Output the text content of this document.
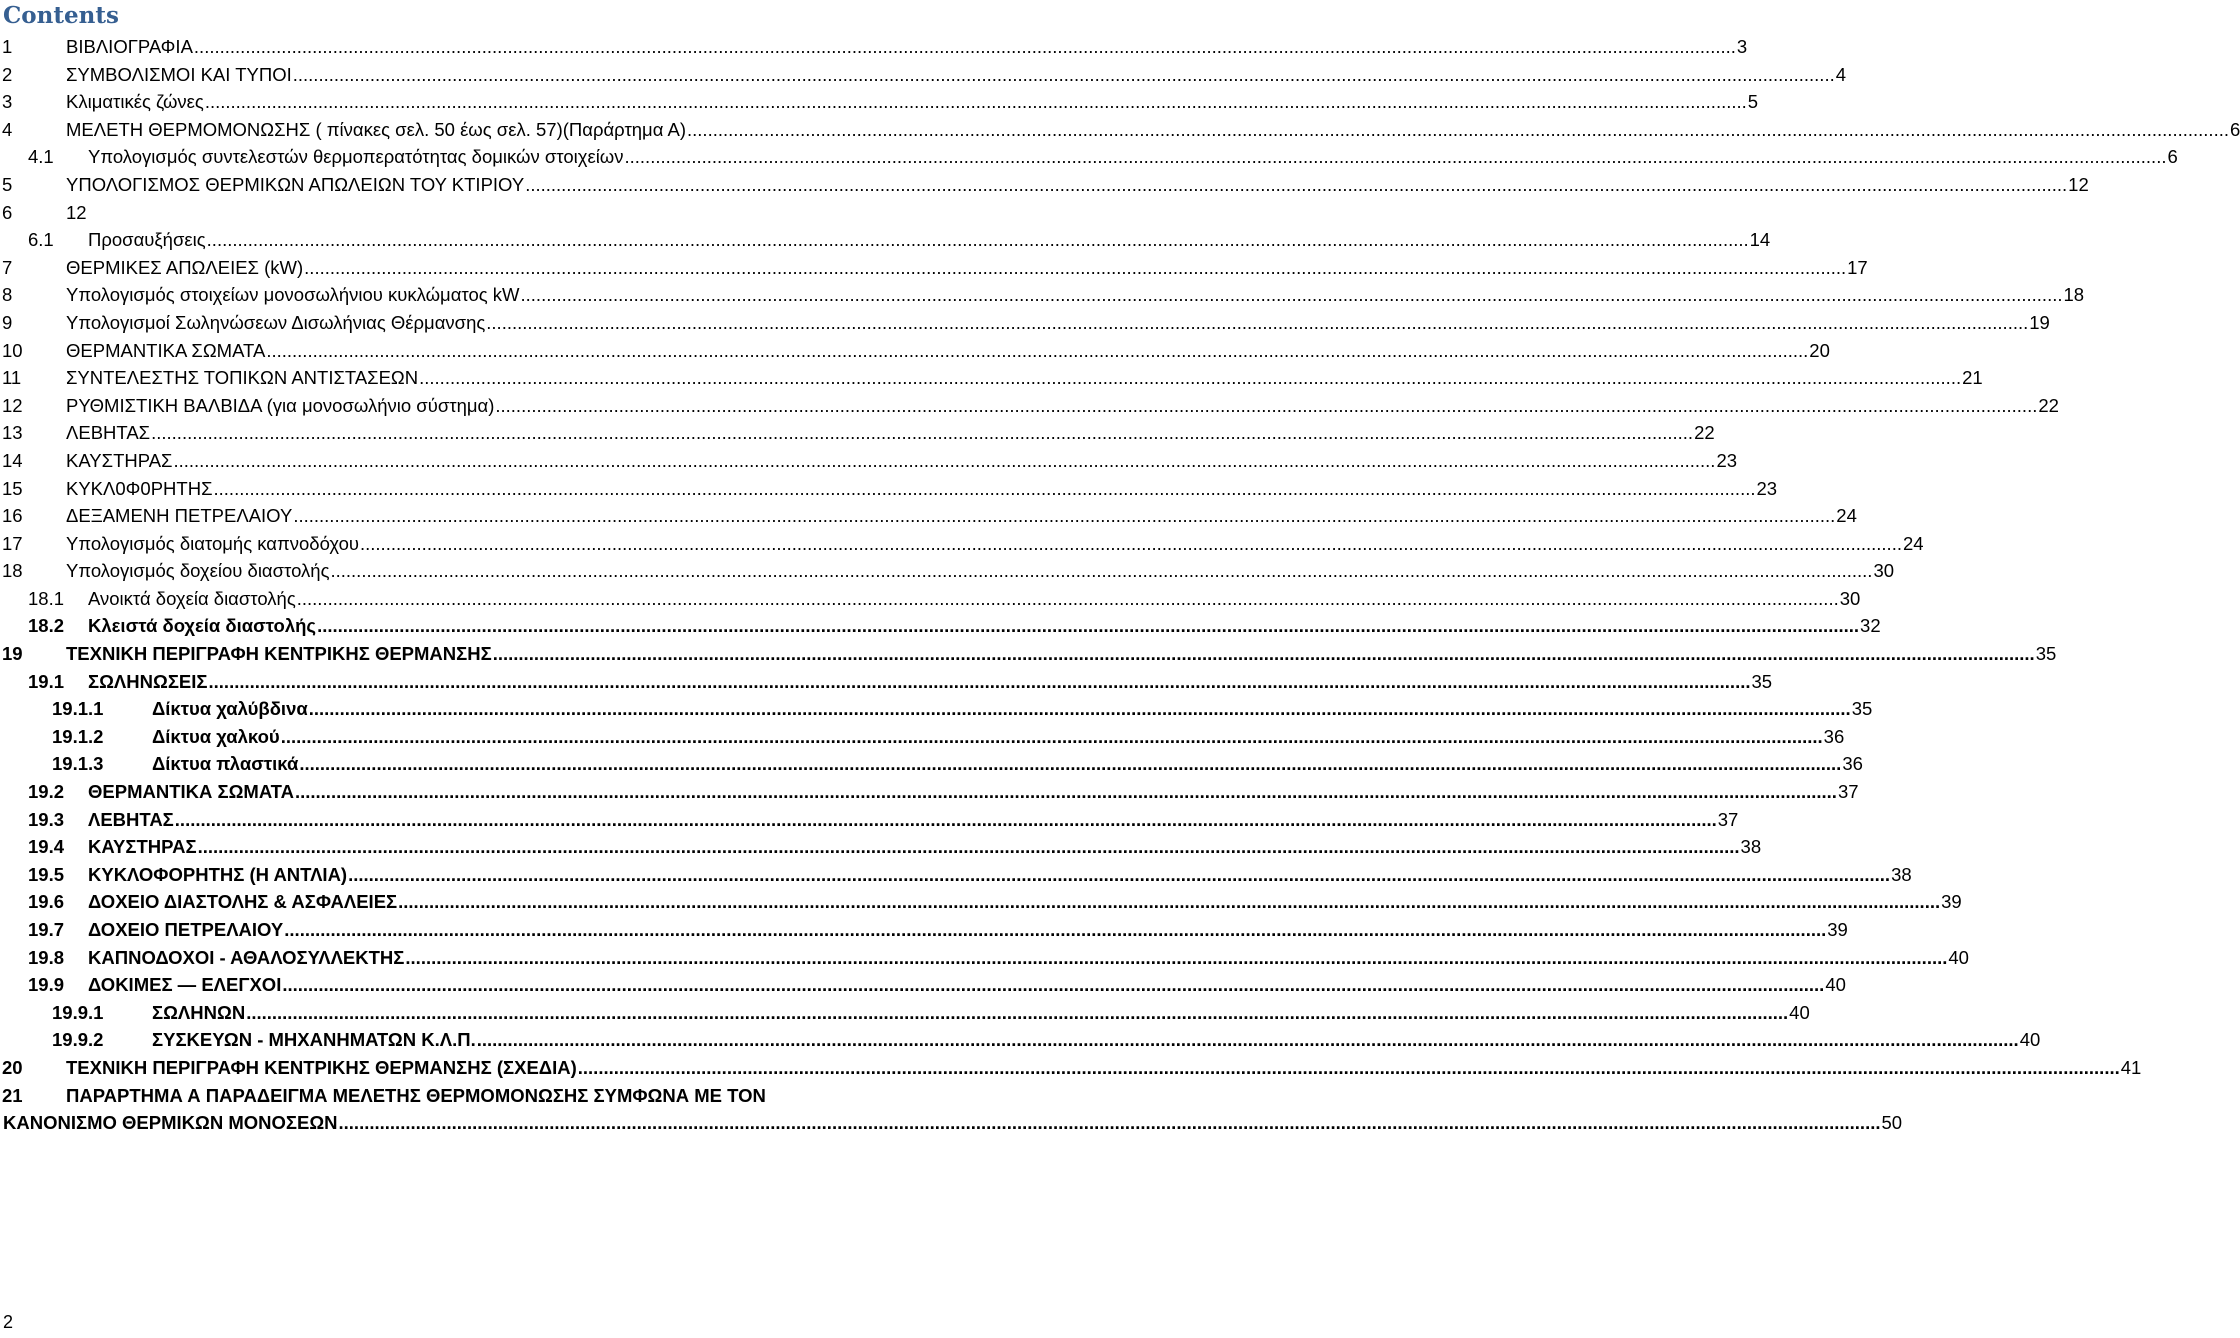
Contents
1	ΒΙΒΛΙΟΓΡΑΦΙΑ ............................................................................................................................................................................................................................................................................................................ 3
2	ΣΥΜΒΟΛΙΣΜΟΙ ΚΑΙ ΤΥΠΟΙ ............................................................................................................................................................................................................................................................................................................ 4
3	Κλιματικές ζώνες ............................................................................................................................................................................................................................................................................................................ 5
4	ΜΕΛΕΤΗ ΘΕΡΜΟΜΟΝΩΣΗΣ ( πίνακες σελ. 50 έως σελ. 57)(Παράρτημα Α) ............................................................................................................................................................................................................................................................................................................ 6
4.1 Υπολογισμός συντελεστών θερμοπερατότητας δομικών στοιχείων ............................................................................................................................................................................................................................................................................................................ 6
5	ΥΠΟΛΟΓΙΣΜΟΣ ΘΕΡΜΙΚΩΝ ΑΠΩΛΕΙΩΝ ΤΟΥ ΚΤΙΡΙΟΥ ............................................................................................................................................................................................................................................................................................................ 12
6	12
6.1 Προσαυξήσεις ............................................................................................................................................................................................................................................................................................................ 14
7	ΘΕΡΜΙΚΕΣ ΑΠΩΛΕΙΕΣ (kW) ............................................................................................................................................................................................................................................................................................................ 17
8	Υπολογισμός στοιχείων μονοσωλήνιου κυκλώματος kW ............................................................................................................................................................................................................................................................................................................ 18
9	Υπολογισμοί Σωληνώσεων Δισωλήνιας Θέρμανσης ............................................................................................................................................................................................................................................................................................................ 19
10 ΘΕΡΜΑΝΤΙΚΑ ΣΩΜΑΤΑ ............................................................................................................................................................................................................................................................................................................ 20
11 ΣΥΝΤΕΛΕΣΤΗΣ ΤΟΠΙΚΩΝ ΑΝΤΙΣΤΑΣΕΩΝ ............................................................................................................................................................................................................................................................................................................ 21
12 ΡΥΘΜΙΣΤΙΚΗ ΒΑΛΒΙΔΑ (για μονοσωλήνιο σύστημα) ............................................................................................................................................................................................................................................................................................................ 22
13 ΛΕΒΗΤΑΣ ............................................................................................................................................................................................................................................................................................................ 22
14 ΚΑΥΣΤΗΡΑΣ ............................................................................................................................................................................................................................................................................................................ 23
15 ΚΥΚΛ0Φ0ΡΗΤΗΣ ............................................................................................................................................................................................................................................................................................................ 23
16 ΔΕΞΑΜΕΝΗ ΠΕΤΡΕΛΑΙΟΥ ............................................................................................................................................................................................................................................................................................................ 24
17 Υπολογισμός διατομής καπνοδόχου ............................................................................................................................................................................................................................................................................................................ 24
18 Υπολογισμός δοχείου διαστολής ............................................................................................................................................................................................................................................................................................................ 30
18.1 Ανοικτά δοχεία διαστολής ............................................................................................................................................................................................................................................................................................................ 30
18.2 Κλειστά δοχεία διαστολής ............................................................................................................................................................................................................................................................................................................ 32
19 ΤΕΧΝΙΚΗ ΠΕΡΙΓΡΑΦΗ ΚΕΝΤΡΙΚΗΣ ΘΕΡΜΑΝΣΗΣ ............................................................................................................................................................................................................................................................................................................ 35
19.1 ΣΩΛΗΝΩΣΕΙΣ ............................................................................................................................................................................................................................................................................................................ 35
19.1.1	Δίκτυα χαλύβδινα ............................................................................................................................................................................................................................................................................................................ 35
19.1.2	Δίκτυα χαλκού ............................................................................................................................................................................................................................................................................................................ 36
19.1.3	Δίκτυα πλαστικά ............................................................................................................................................................................................................................................................................................................ 36
19.2 ΘΕΡΜΑΝΤΙΚΑ ΣΩΜΑΤΑ ............................................................................................................................................................................................................................................................................................................ 37
19.3 ΛΕΒΗΤΑΣ ............................................................................................................................................................................................................................................................................................................ 37
19.4 ΚΑΥΣΤΗΡΑΣ ............................................................................................................................................................................................................................................................................................................ 38
19.5 ΚΥΚΛΟΦΟΡΗΤΗΣ (Η ΑΝΤΛΙΑ) ............................................................................................................................................................................................................................................................................................................ 38
19.6 ΔΟΧΕΙΟ ΔΙΑΣΤΟΛΗΣ & ΑΣΦΑΛΕΙΕΣ ............................................................................................................................................................................................................................................................................................................ 39
19.7 ΔΟΧΕΙΟ ΠΕΤΡΕΛΑΙΟΥ ............................................................................................................................................................................................................................................................................................................ 39
19.8 ΚΑΠΝΟΔΟΧΟΙ - ΑΘΑΛΟΣΥΛΛΕΚΤΗΣ ............................................................................................................................................................................................................................................................................................................ 40
19.9 ΔΟΚΙΜΕΣ — ΕΛΕΓΧΟΙ ............................................................................................................................................................................................................................................................................................................ 40
19.9.1	ΣΩΛΗΝΩΝ ............................................................................................................................................................................................................................................................................................................ 40
19.9.2	ΣΥΣΚΕΥΩΝ - ΜΗΧΑΝΗΜΑΤΩΝ Κ.Λ.Π. ............................................................................................................................................................................................................................................................................................................ 40
20 ΤΕΧΝΙΚΗ ΠΕΡΙΓΡΑΦΗ ΚΕΝΤΡΙΚΗΣ ΘΕΡΜΑΝΣΗΣ (ΣΧΕΔΙΑ) ............................................................................................................................................................................................................................................................................................................ 41
21 ΠΑΡΑΡΤΗΜΑ Α ΠΑΡΑΔΕΙΓΜΑ ΜΕΛΕΤΗΣ ΘΕΡΜΟΜΟΝΩΣΗΣ ΣΥΜΦΩΝΑ ΜΕ ΤΟΝ
ΚΑΝΟΝΙΣΜΟ ΘΕΡΜΙΚΩΝ ΜΟΝΟΣΕΩΝ ............................................................................................................................................................................................................................................................................................................ 50
2
